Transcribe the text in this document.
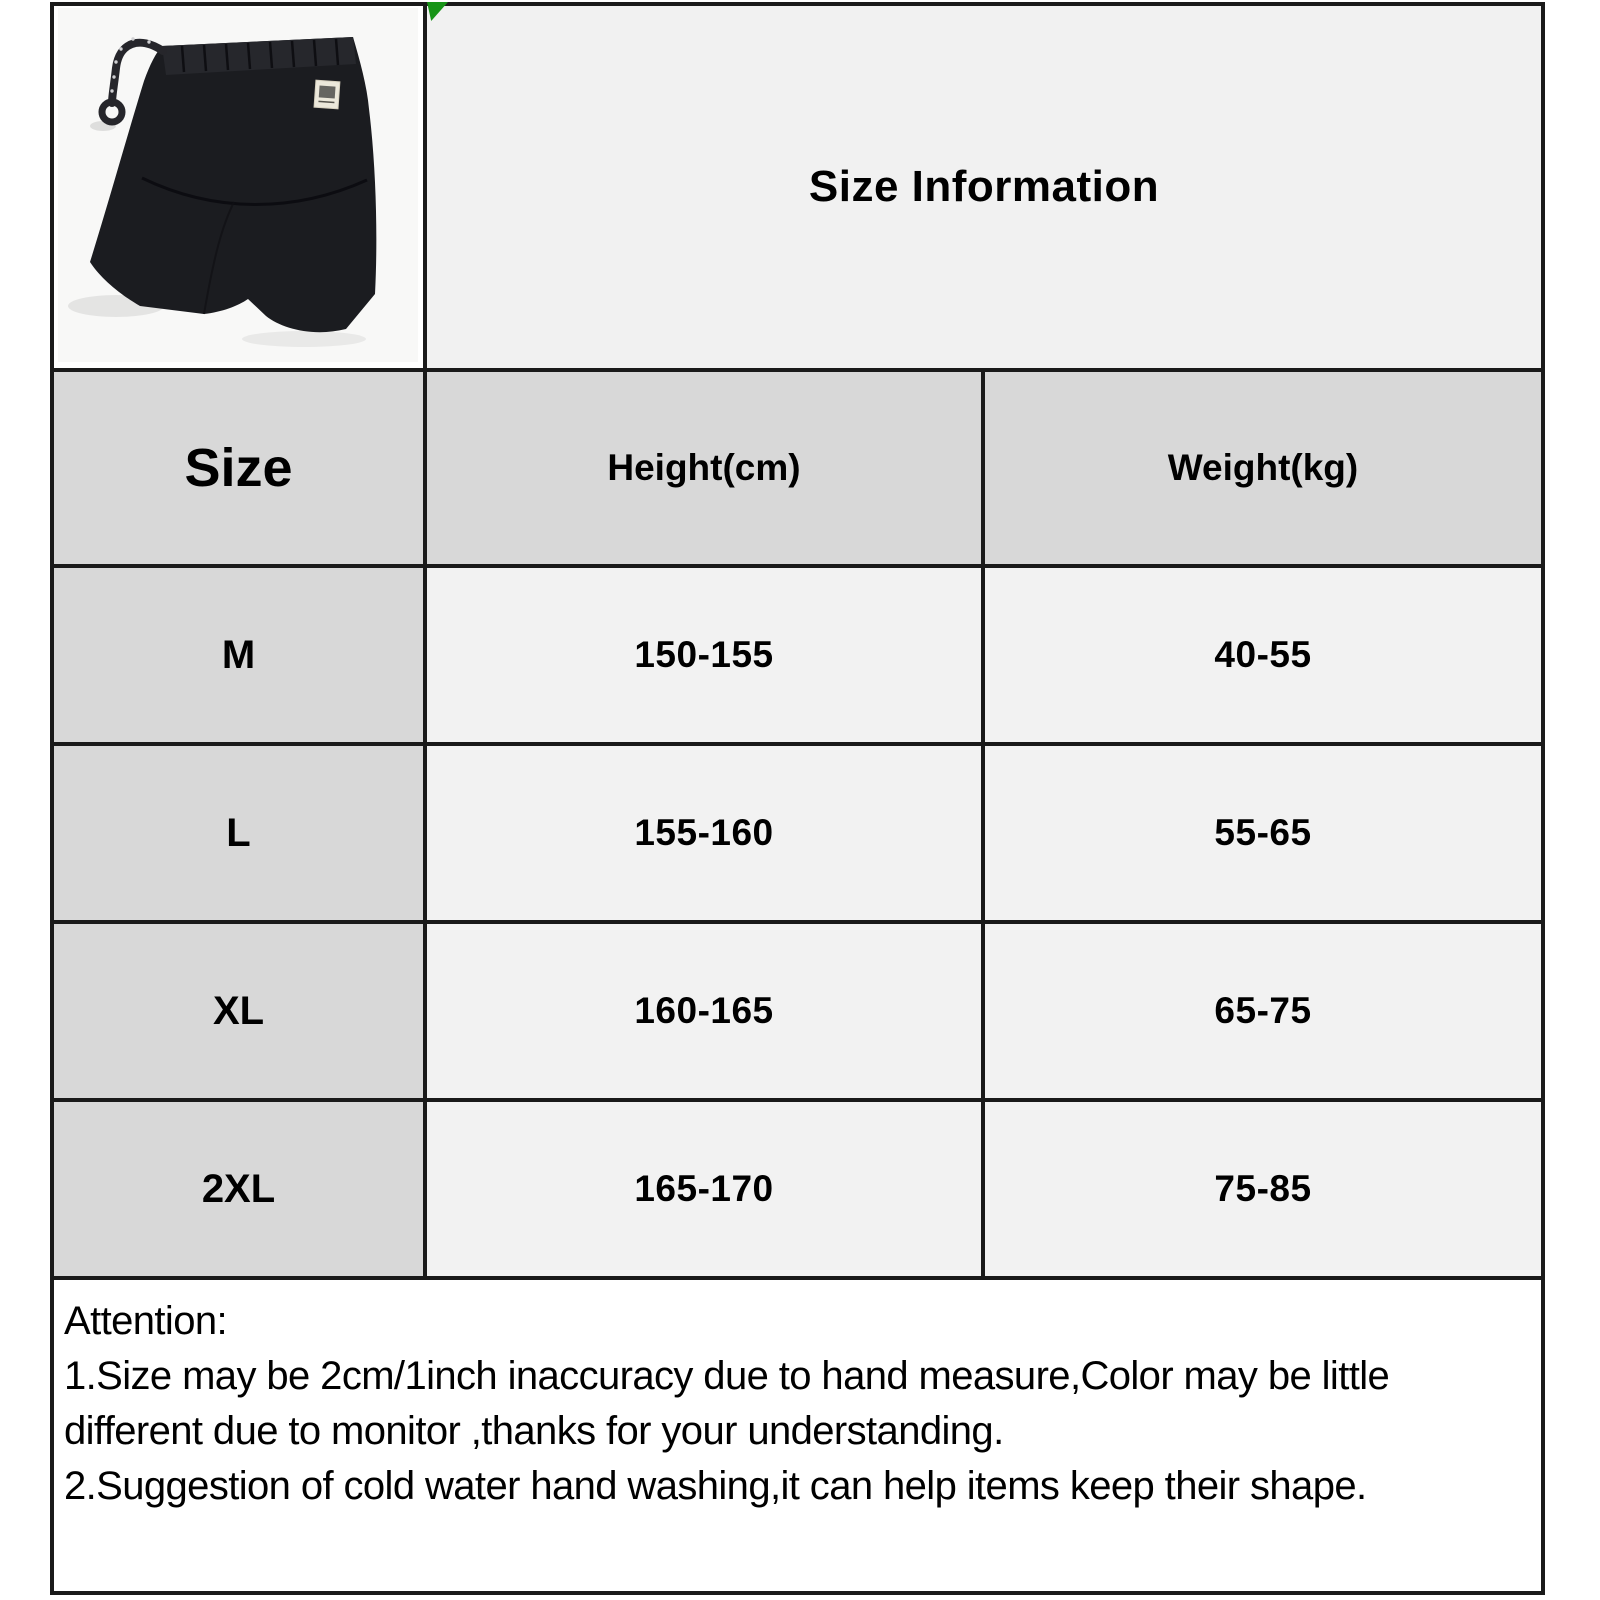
Size Information
Size	Height(cm)	Weight(kg)
M	150-155	40-55
L	155-160	55-65
XL	160-165	65-75
2XL	165-170	75-85

Attention:

1.Size may be 2cm/1inch inaccuracy due to hand measure,Color may be little different due to monitor ,thanks for your understanding.

2.Suggestion of cold water hand washing,it can help items keep their shape.
